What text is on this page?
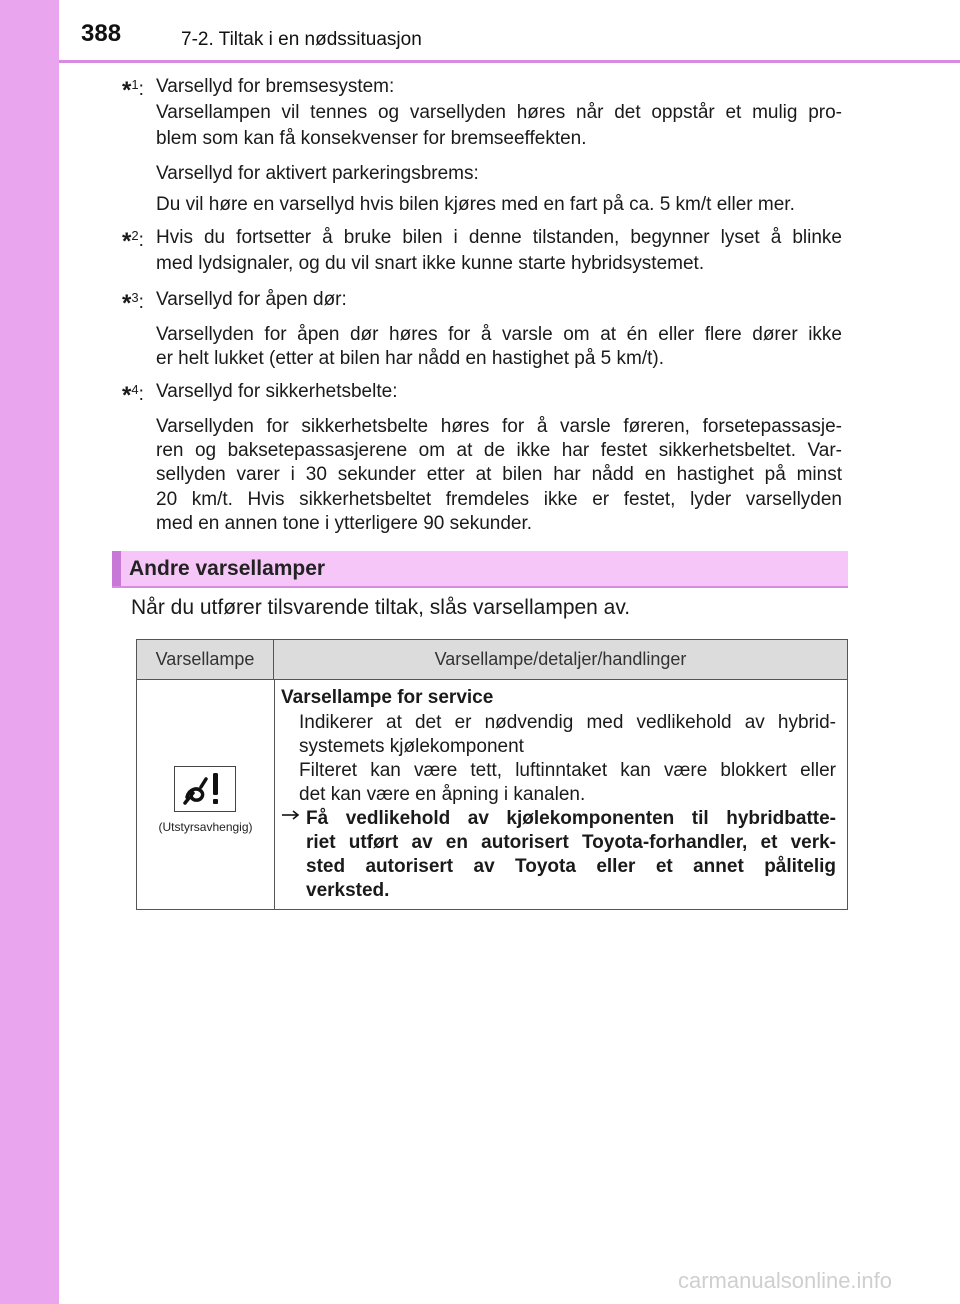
388	7-2. Tiltak i en nødssituasjon
*$^1$: Varsellyd for bremsesystem:
Varsellampen vil tennes og varsellyden høres når det oppstår et mulig pro-
blem som kan få konsekvenser for bremseeffekten.
Varsellyd for aktivert parkeringsbrems:
Du vil høre en varsellyd hvis bilen kjøres med en fart på ca. 5 km/t eller mer.
*$^2$: Hvis du fortsetter å bruke bilen i denne tilstanden, begynner lyset å blinke
med lydsignaler, og du vil snart ikke kunne starte hybridsystemet.
*$^3$: Varsellyd for åpen dør:
Varsellyden for åpen dør høres for å varsle om at én eller flere dører ikke
er helt lukket (etter at bilen har nådd en hastighet på 5 km/t).
*$^4$: Varsellyd for sikkerhetsbelte:
Varsellyden for sikkerhetsbelte høres for å varsle føreren, forsetepassasje-
ren og baksetepassasjerene om at de ikke har festet sikkerhetsbeltet. Var-
sellyden varer i 30 sekunder etter at bilen har nådd en hastighet på minst
20 km/t. Hvis sikkerhetsbeltet fremdeles ikke er festet, lyder varsellyden
med en annen tone i ytterligere 90 sekunder.
Andre varsellamper
Når du utfører tilsvarende tiltak, slås varsellampen av.
Varsellampe	Varsellampe/detaljer/handlinger
(Utstyrsavhengig)
Varsellampe for service
Indikerer at det er nødvendig med vedlikehold av hybrid-
systemets kjølekomponent
Filteret kan være tett, luftinntaket kan være blokkert eller
det kan være en åpning i kanalen.
Få vedlikehold av kjølekomponenten til hybridbatte-
riet utført av en autorisert Toyota-forhandler, et verk-
sted autorisert av Toyota eller et annet pålitelig
verksted.
carmanualsonline.info
